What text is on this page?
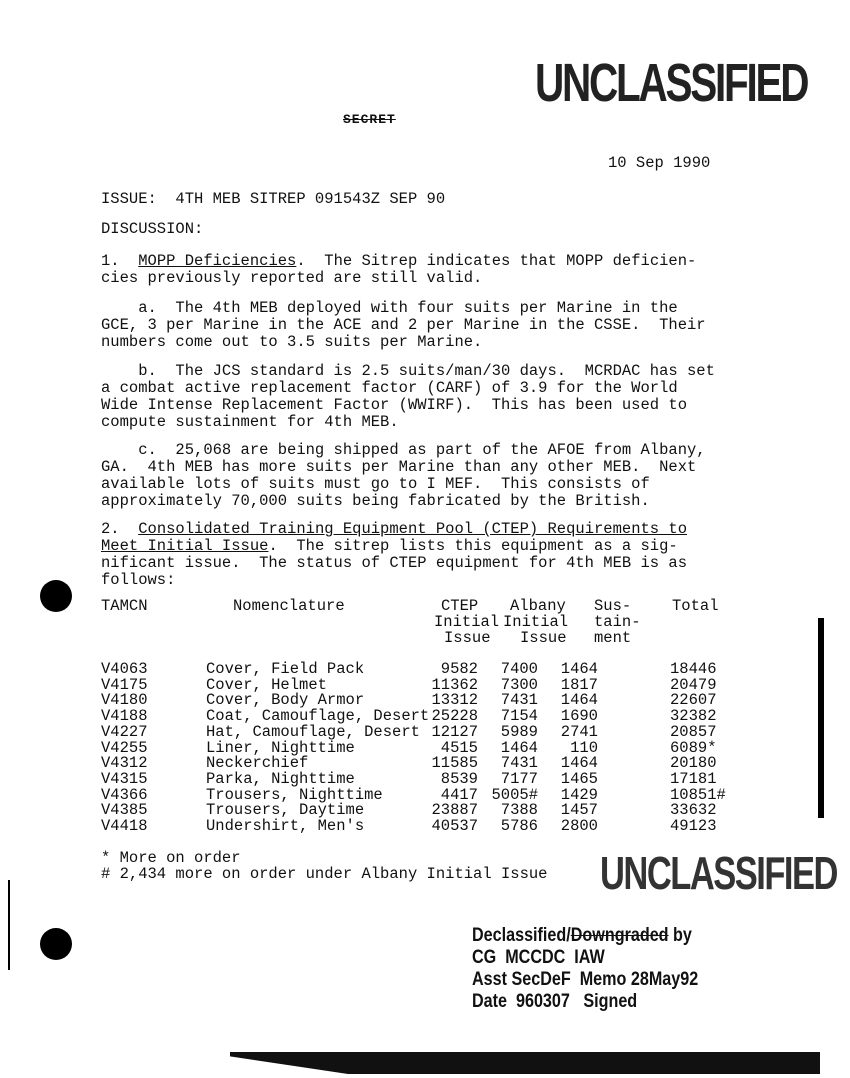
UNCLASSIFIED
SECRET
10 Sep 1990
ISSUE:  4TH MEB SITREP 091543Z SEP 90
DISCUSSION:
1.  MOPP Deficiencies.  The Sitrep indicates that MOPP deficien-
cies previously reported are still valid.
a.  The 4th MEB deployed with four suits per Marine in the
GCE, 3 per Marine in the ACE and 2 per Marine in the CSSE.  Their
numbers come out to 3.5 suits per Marine.
b.  The JCS standard is 2.5 suits/man/30 days.  MCRDAC has set
a combat active replacement factor (CARF) of 3.9 for the World
Wide Intense Replacement Factor (WWIRF).  This has been used to
compute sustainment for 4th MEB.
c.  25,068 are being shipped as part of the AFOE from Albany,
GA.  4th MEB has more suits per Marine than any other MEB.  Next
available lots of suits must go to I MEF.  This consists of
approximately 70,000 suits being fabricated by the British.
2.  Consolidated Training Equipment Pool (CTEP) Requirements to
Meet Initial Issue.  The sitrep lists this equipment as a sig-
nificant issue.  The status of CTEP equipment for 4th MEB is as
follows:
TAMCN	Nomenclature	CTEP Albany Sus-	Total
Initial Initial tain-
Issue Issue ment
V4063	Cover, Field Pack	9582 7400 1464	18446
V4175	Cover, Helmet	11362 7300 1817	20479
V4180	Cover, Body Armor	13312 7431 1464	22607
V4188	Coat, Camouflage, Desert 25228 7154 1690	32382
V4227	Hat, Camouflage, Desert 12127 5989 2741	20857
V4255	Liner, Nighttime	4515 1464 110	6089*
V4312	Neckerchief	11585 7431 1464	20180
V4315	Parka, Nighttime	8539 7177 1465	17181
V4366	Trousers, Nighttime	4417 5005# 1429	10851#
V4385	Trousers, Daytime	23887 7388 1457	33632
V4418	Undershirt, Men's	40537 5786 2800	49123
* More on order
# 2,434 more on order under Albany Initial Issue UNCLASSIFIED
Declassified/Downgraded by
CG  MCCDC  IAW
Asst SecDeF  Memo 28May92
Date  960307   Signed
